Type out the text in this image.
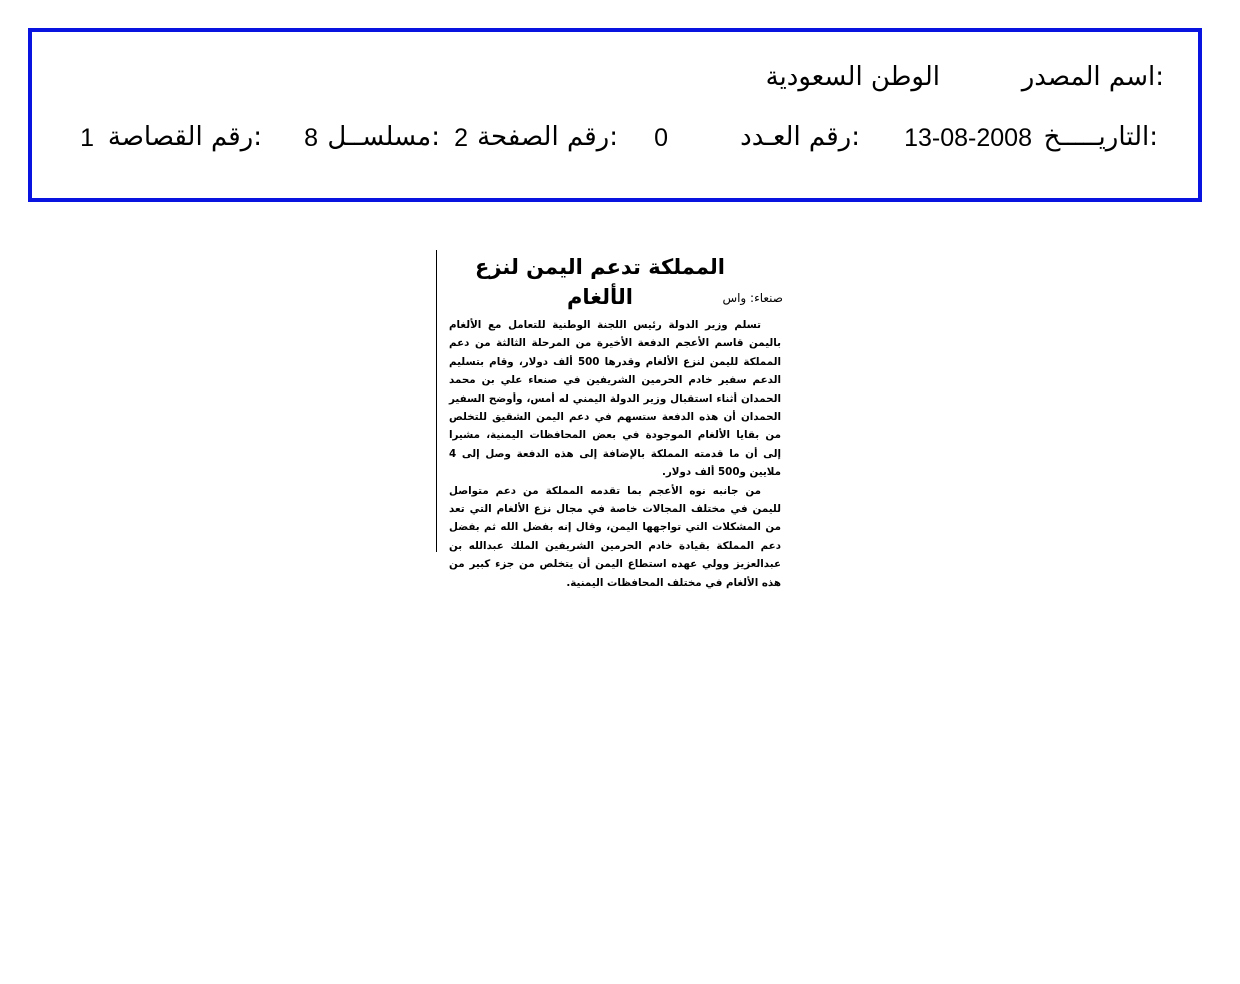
اسم المصدر:
الوطن السعودية
التاريـــــخ:
13-08-2008
رقم العـدد:
0
رقم الصفحة:
2
مسلســل:
8
رقم القصاصة:
1
المملكة تدعم اليمن لنزع الألغام	صنعاء: واس

تسلم وزير الدولة رئيس اللجنة الوطنية للتعامل مع الألغام باليمن قاسم الأعجم الدفعة الأخيرة من المرحلة الثالثة من دعم المملكة لليمن لنزع الألغام وقدرها 500 ألف دولار، وقام بتسليم الدعم سفير خادم الحرمين الشريفين في صنعاء علي بن محمد الحمدان أثناء استقبال وزير الدولة اليمني له أمس، وأوضح السفير الحمدان أن هذه الدفعة ستسهم في دعم اليمن الشقيق للتخلص من بقايا الألغام الموجودة في بعض المحافظات اليمنية، مشيرا إلى أن ما قدمته المملكة بالإضافة إلى هذه الدفعة وصل إلى 4 ملايين و500 ألف دولار.

من جانبه نوه الأعجم بما تقدمه المملكة من دعم متواصل لليمن في مختلف المجالات خاصة في مجال نزع الألغام التي تعد من المشكلات التي تواجهها اليمن، وقال إنه بفضل الله ثم بفضل دعم المملكة بقيادة خادم الحرمين الشريفين الملك عبدالله بن عبدالعزيز وولي عهده استطاع اليمن أن يتخلص من جزء كبير من هذه الألغام في مختلف المحافظات اليمنية.
